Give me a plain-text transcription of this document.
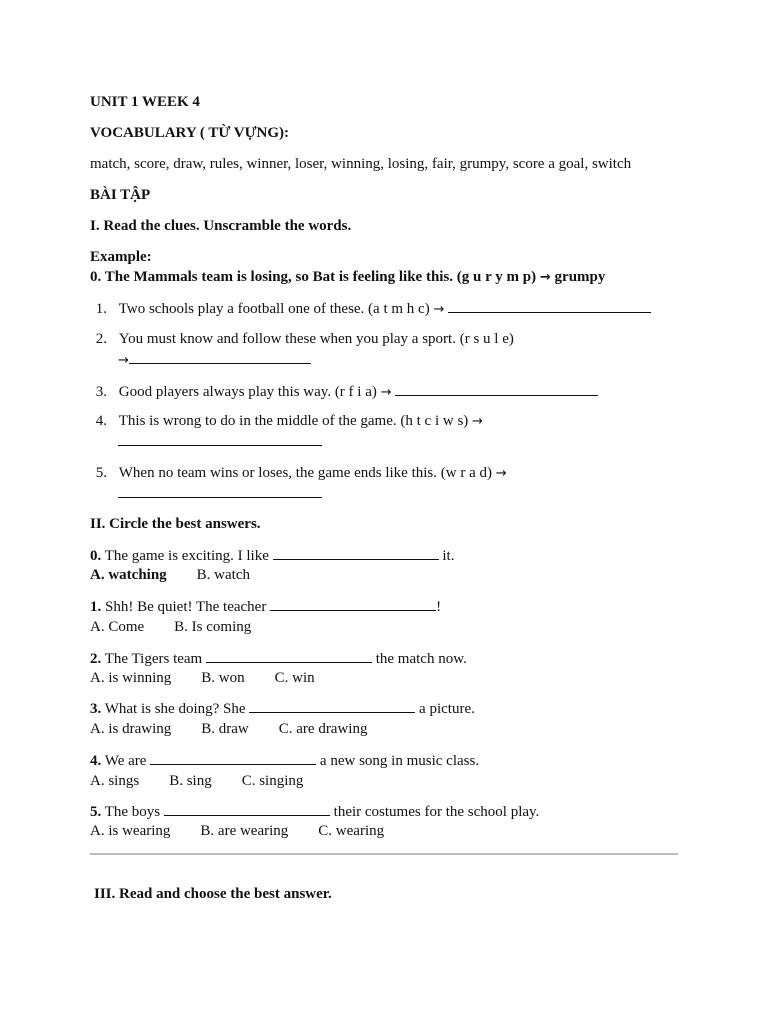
UNIT 1 WEEK 4
VOCABULARY ( TỪ VỰNG):
match, score, draw, rules, winner, loser, winning, losing, fair, grumpy, score a goal, switch
BÀI TẬP
I. Read the clues. Unscramble the words.
Example:
0. The Mammals team is losing, so Bat is feeling like this. (g u r y m p) → grumpy
1. Two schools play a football one of these. (a t m h c) →
2. You must know and follow these when you play a sport. (r s u l e)
→
3. Good players always play this way. (r f i a) →
4. This is wrong to do in the middle of the game. (h t c i w s) →
5. When no team wins or loses, the game ends like this. (w r a d) →
II. Circle the best answers.
0. The game is exciting. I like	it.
A. watching B. watch
1. Shh! Be quiet! The teacher	!
A. Come B. Is coming
2. The Tigers team	the match now.
A. is winning B. won C. win
3. What is she doing? She	a picture.
A. is drawing B. draw C. are drawing
4. We are	a new song in music class.
A. sings B. sing C. singing
5. The boys	their costumes for the school play.
A. is wearing B. are wearing C. wearing
III. Read and choose the best answer.
